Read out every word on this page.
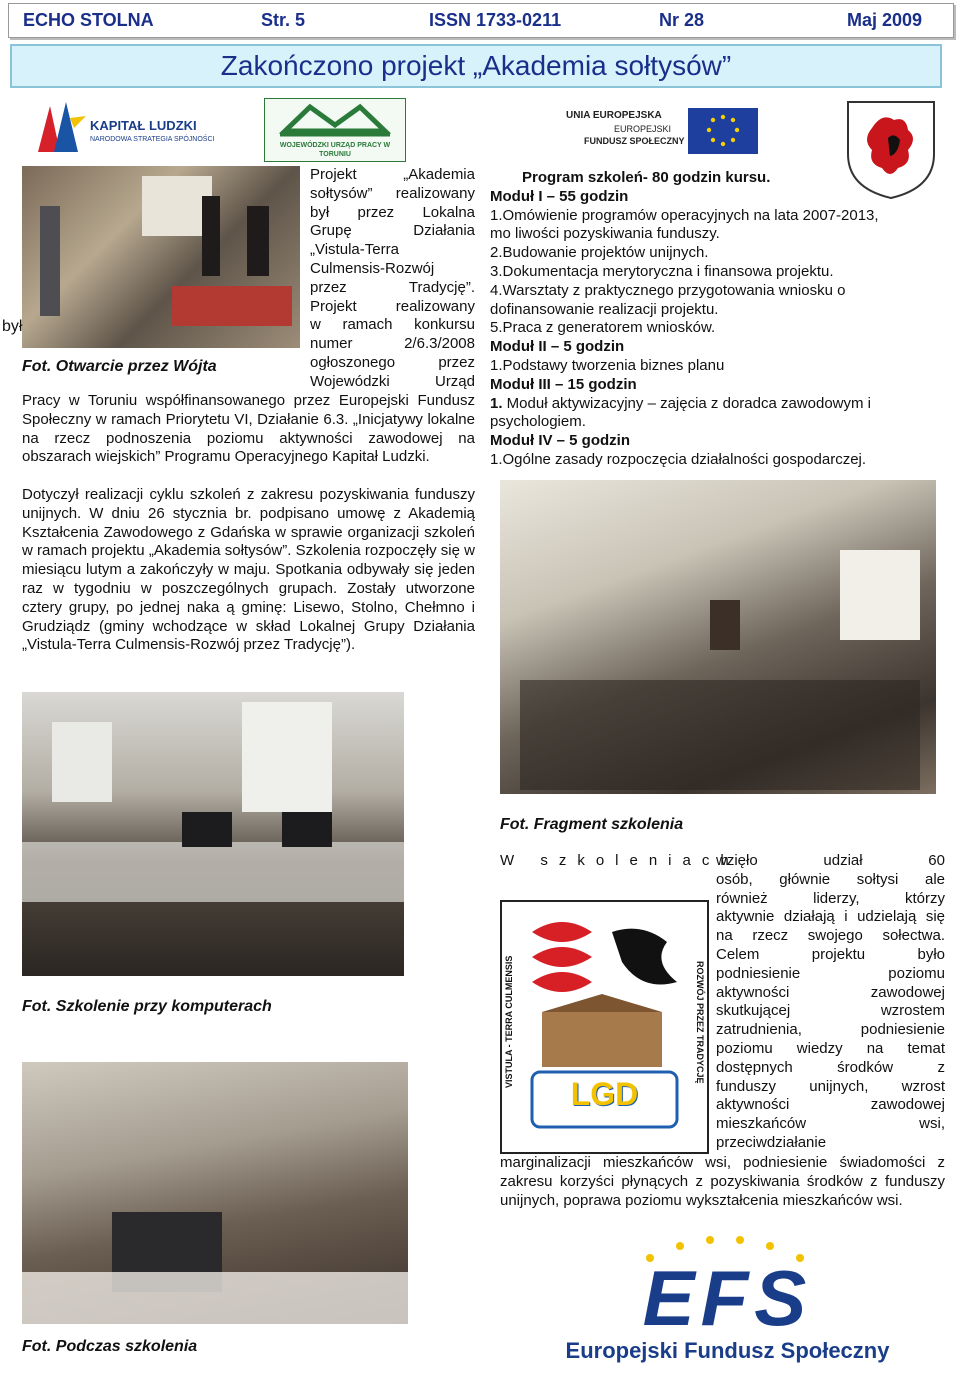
ECHO STOLNA	Str. 5	ISSN 1733-0211	Nr 28	Maj 2009
Zakończono projekt „Akademia sołtysów”
KAPITAŁ LUDZKI
NARODOWA STRATEGIA SPÓJNOŚCI
WOJEWÓDZKI URZĄD PRACY W TORUNIU
UNIA EUROPEJSKA
EUROPEJSKI
FUNDUSZ SPOŁECZNY
był
Projekt „Akademia
sołtysów” realizowany
był przez Lokalna
Grupę Działania
„Vistula-Terra
Culmensis-Rozwój
przez Tradycję”.
Projekt realizowany
w ramach konkursu
numer 2/6.3/2008
ogłoszonego przez
Wojewódzki Urząd
Fot. Otwarcie przez Wójta
Pracy w Toruniu współfinansowanego przez Europejski Fundusz Społeczny w ramach Priorytetu VI, Działanie 6.3. „Inicjatywy lokalne na rzecz podnoszenia poziomu aktywności zawodowej na obszarach wiejskich” Programu Operacyjnego Kapitał Ludzki.
Dotyczył realizacji cyklu szkoleń z zakresu pozyskiwania funduszy unijnych. W dniu 26 stycznia br. podpisano umowę z Akademią Kształcenia Zawodowego z Gdańska w sprawie organizacji szkoleń w ramach projektu „Akademia sołtysów”. Szkolenia rozpoczęły się w miesiącu lutym a zakończyły w maju. Spotkania odbywały się jeden raz w tygodniu w poszczególnych grupach. Zostały utworzone cztery grupy, po jednej naka ą gminę: Lisewo, Stolno, Chełmno i Grudziądz (gminy wchodzące w skład Lokalnej Grupy Działania „Vistula-Terra Culmensis-Rozwój przez Tradycję”).
Program szkoleń- 80 godzin kursu.
Moduł I – 55 godzin
1.Omówienie programów operacyjnych na lata 2007-2013,
mo liwości pozyskiwania funduszy.
2.Budowanie projektów unijnych.
3.Dokumentacja merytoryczna i finansowa projektu.
4.Warsztaty z praktycznego przygotowania wniosku o
dofinansowanie realizacji projektu.
5.Praca z generatorem wniosków.
Moduł II – 5 godzin
1.Podstawy tworzenia biznes planu
Moduł III – 15 godzin
1. Moduł aktywizacyjny – zajęcia z doradca zawodowym i
psychologiem.
Moduł IV – 5 godzin
1.Ogólne zasady rozpoczęcia działalności gospodarczej.
Fot. Fragment szkolenia
Fot. Szkolenie przy komputerach
Fot. Podczas szkolenia
VISTULA - TERRA CULMENSIS	ROZWÓJ PRZEZ TRADYCJĘ
LGD
W szkoleniach
wzięło udział 60
osób, głównie sołtysi ale
również liderzy, którzy
aktywnie działają i udzielają się
na rzecz swojego sołectwa.
Celem projektu było
podniesienie poziomu
aktywności zawodowej
skutkującej wzrostem
zatrudnienia, podniesienie
poziomu wiedzy na temat
dostępnych środków z
funduszy unijnych, wzrost
aktywności zawodowej
mieszkańców wsi,
przeciwdziałanie
marginalizacji mieszkańców wsi, podniesienie świadomości z zakresu korzyści płynących z pozyskiwania środków z funduszy unijnych, poprawa poziomu wykształcenia mieszkańców wsi.
EFS
Europejski Fundusz Społeczny
